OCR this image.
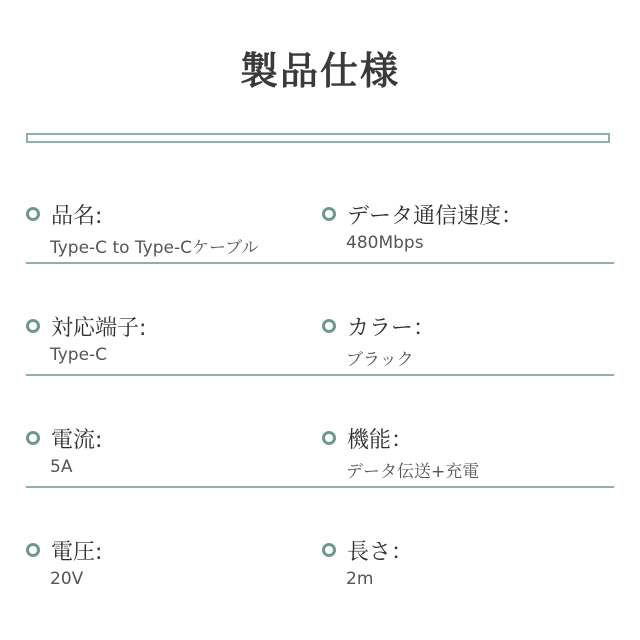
製品仕様
品名:
Type-C to Type-Cケーブル
データ通信速度：
480Mbps
対応端子:
Type-C
カラー：
ブラック
電流:
5A
機能：
データ伝送+充電
電圧:
20V
長さ：
2m
